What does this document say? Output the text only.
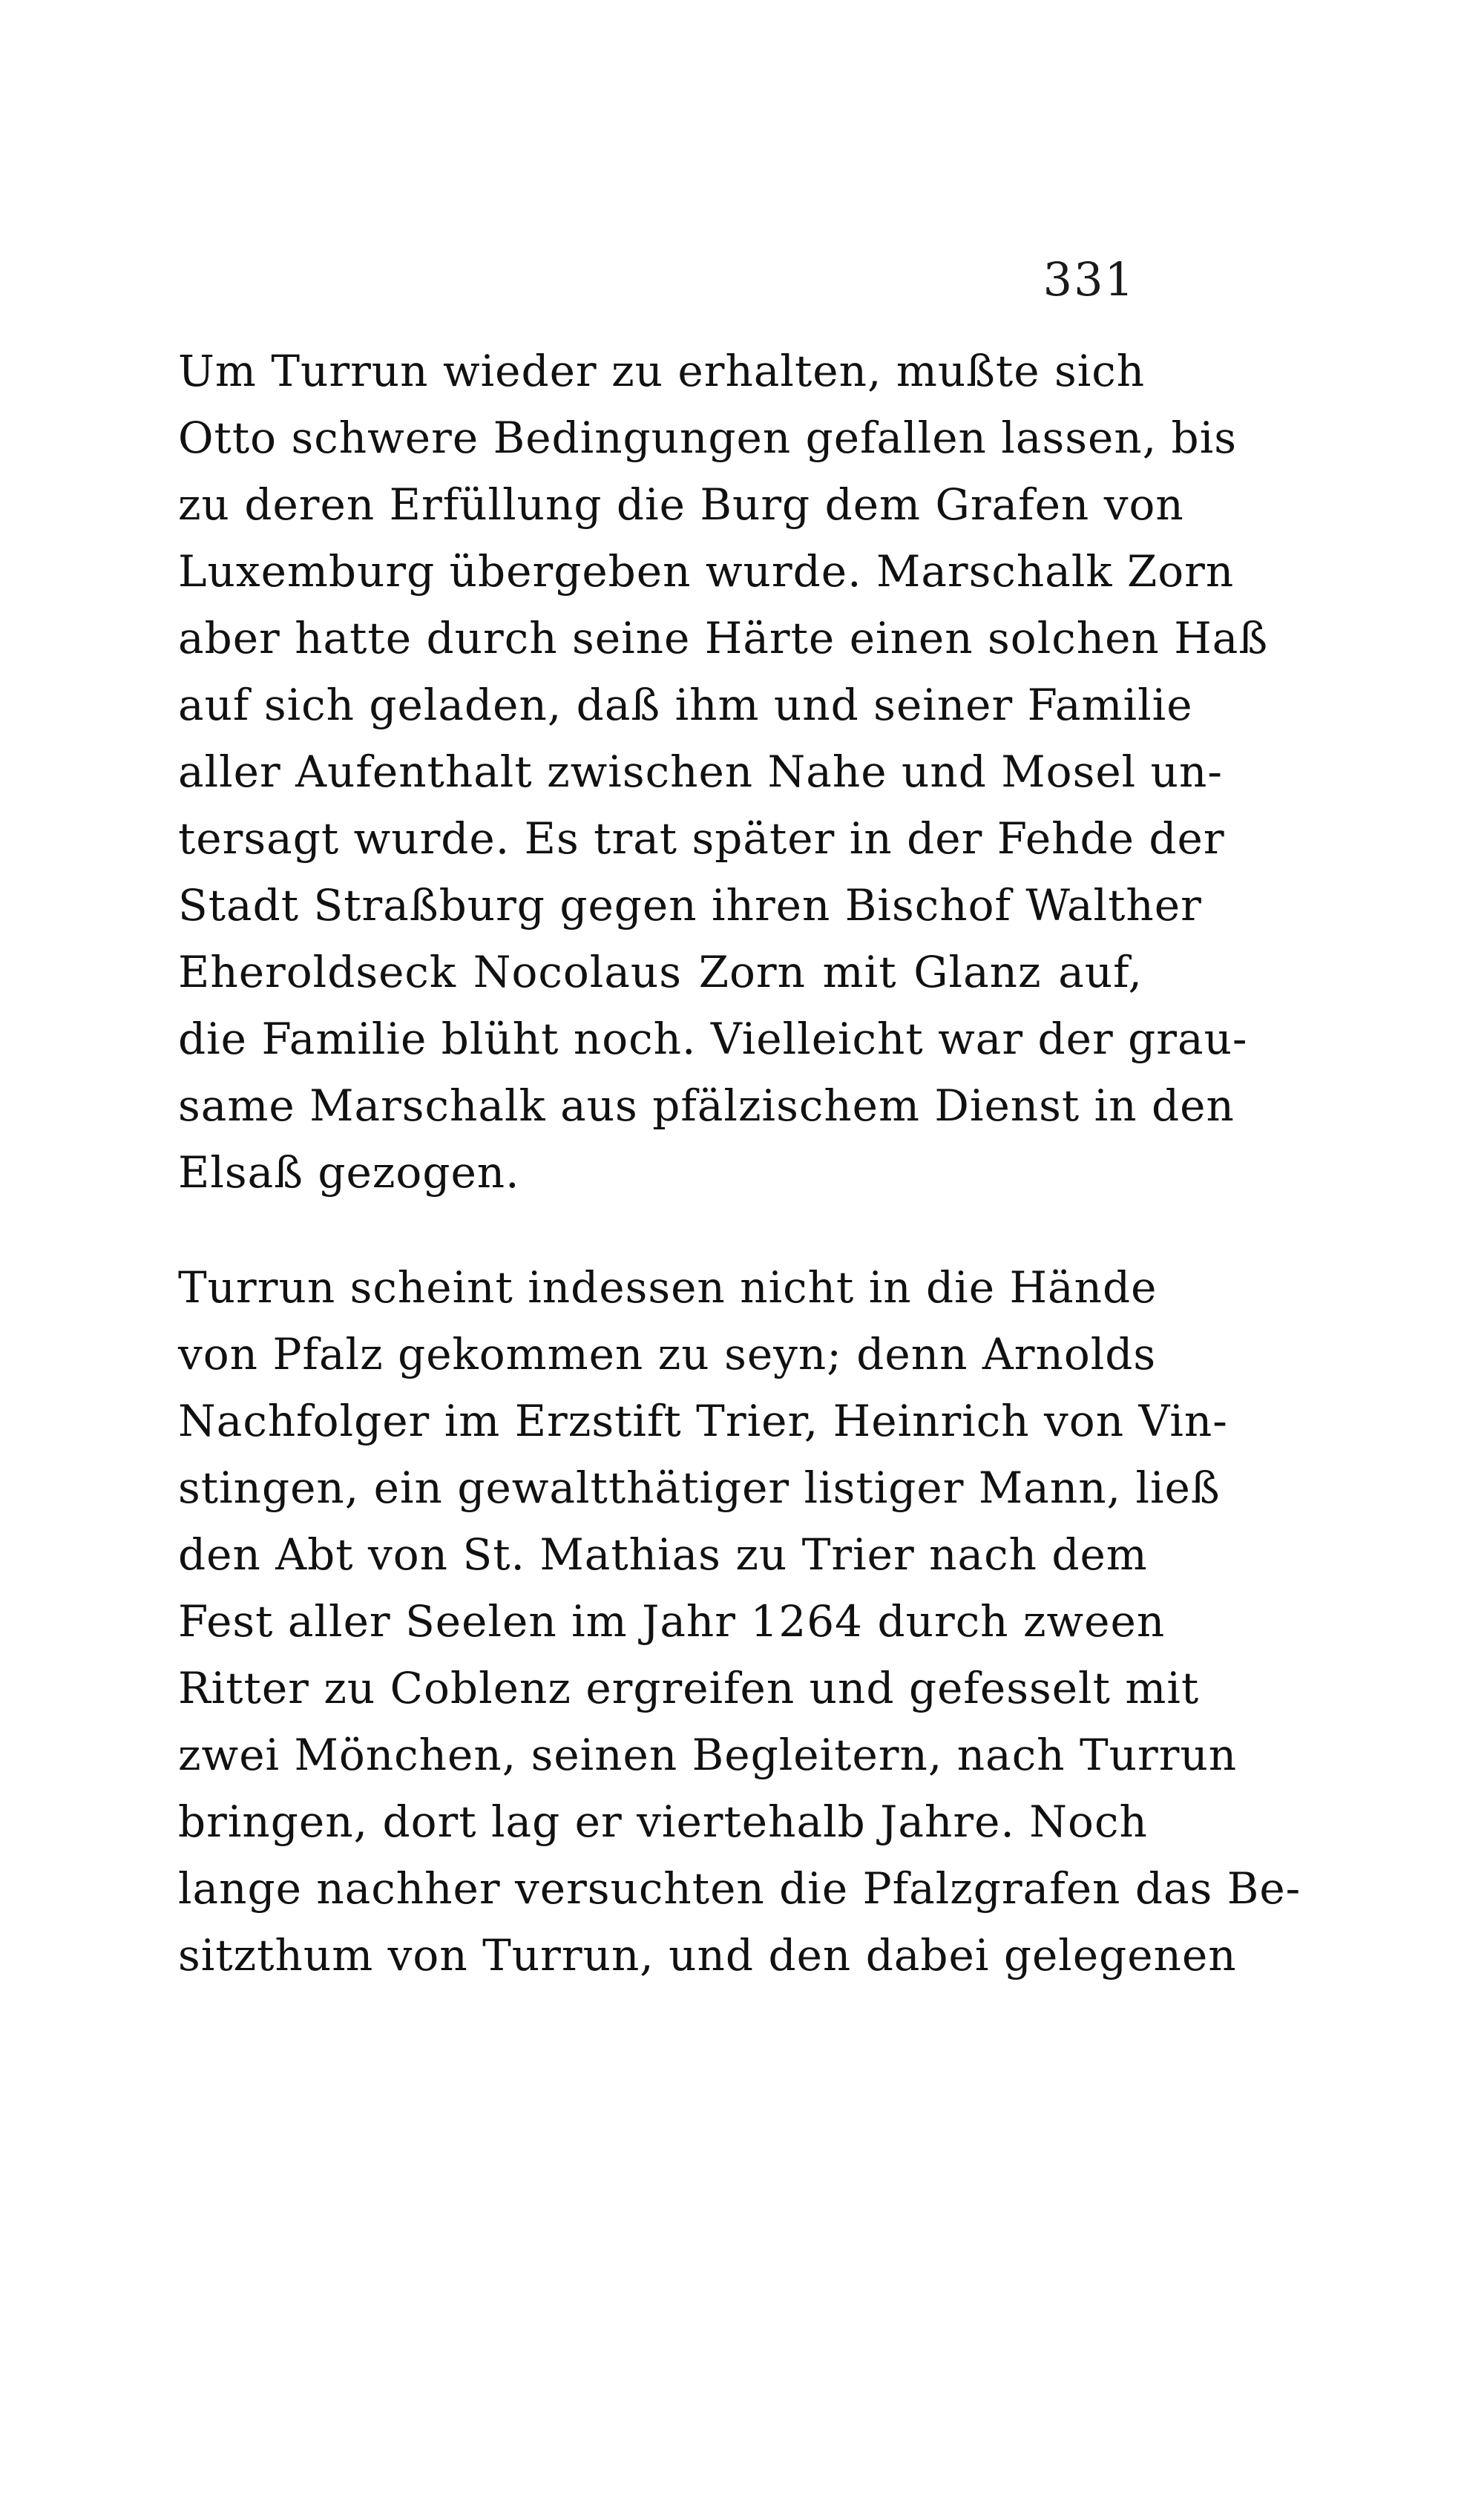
331
Um Turrun wieder zu erhalten, mußte sich
Otto schwere Bedingungen gefallen lassen, bis
zu deren Erfüllung die Burg dem Grafen von
Luxemburg übergeben wurde. Marschalk Zorn
aber hatte durch seine Härte einen solchen Haß
auf sich geladen, daß ihm und seiner Familie
aller Aufenthalt zwischen Nahe und Mosel un-
tersagt wurde. Es trat später in der Fehde der
Stadt Straßburg gegen ihren Bischof Walther
Eheroldseck Nocolaus Zorn mit Glanz auf,
die Familie blüht noch. Vielleicht war der grau-
same Marschalk aus pfälzischem Dienst in den
Elsaß gezogen.
Turrun scheint indessen nicht in die Hände
von Pfalz gekommen zu seyn; denn Arnolds
Nachfolger im Erzstift Trier, Heinrich von Vin-
stingen, ein gewaltthätiger listiger Mann, ließ
den Abt von St. Mathias zu Trier nach dem
Fest aller Seelen im Jahr 1264 durch zween
Ritter zu Coblenz ergreifen und gefesselt mit
zwei Mönchen, seinen Begleitern, nach Turrun
bringen, dort lag er viertehalb Jahre. Noch
lange nachher versuchten die Pfalzgrafen das Be-
sitzthum von Turrun, und den dabei gelegenen
